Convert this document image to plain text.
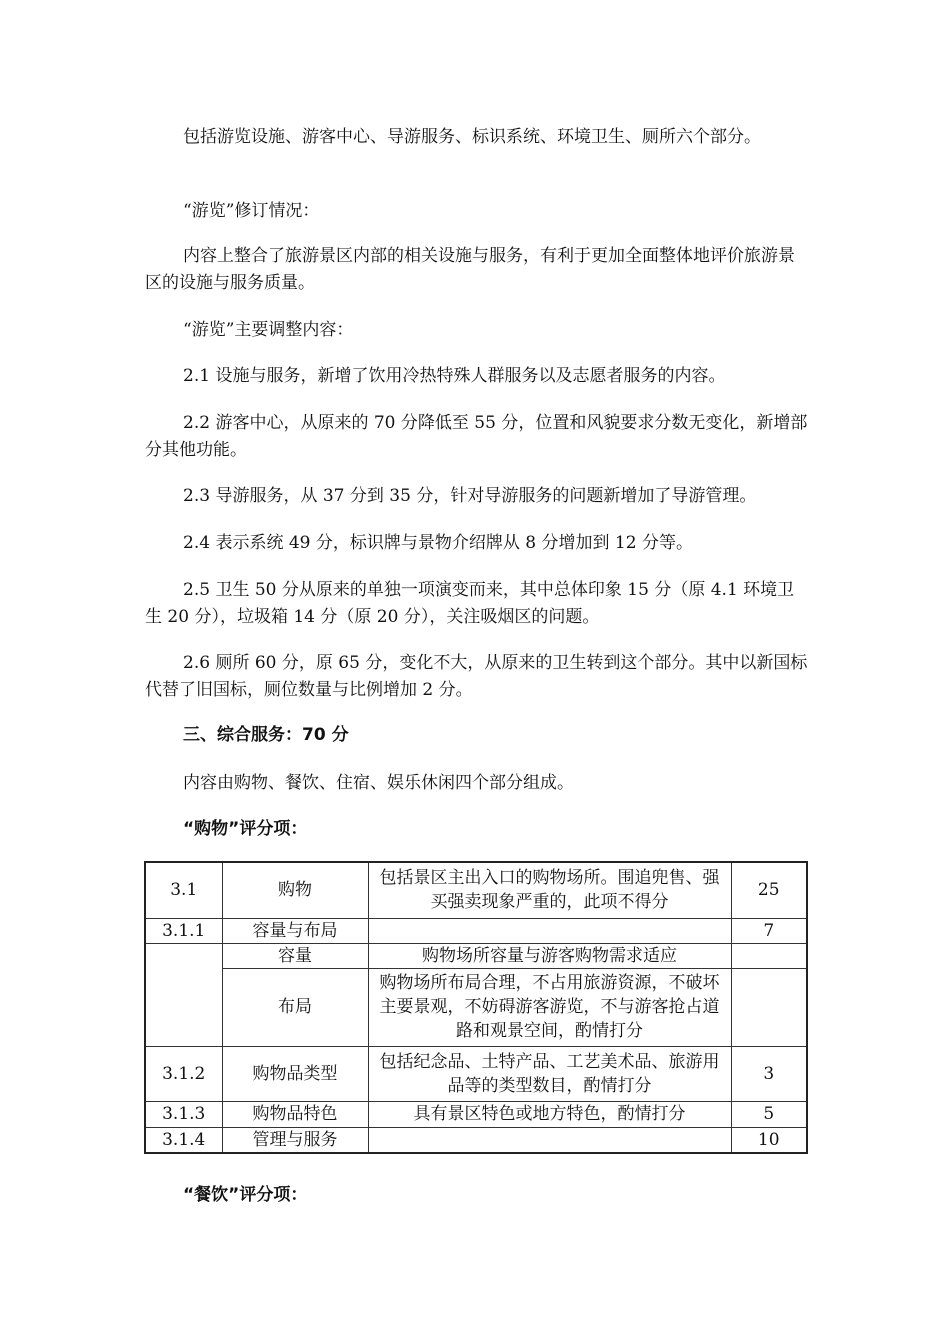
包括游览设施、游客中心、导游服务、标识系统、环境卫生、厕所六个部分。

“游览”修订情况：

内容上整合了旅游景区内部的相关设施与服务，有利于更加全面整体地评价旅游景区的设施与服务质量。

“游览”主要调整内容：

2.1 设施与服务，新增了饮用冷热特殊人群服务以及志愿者服务的内容。

2.2 游客中心，从原来的 70 分降低至 55 分，位置和风貌要求分数无变化，新增部分其他功能。

2.3 导游服务，从 37 分到 35 分，针对导游服务的问题新增加了导游管理。

2.4 表示系统 49 分，标识牌与景物介绍牌从 8 分增加到 12 分等。

2.5 卫生 50 分从原来的单独一项演变而来，其中总体印象 15 分（原 4.1 环境卫生 20 分），垃圾箱 14 分（原 20 分），关注吸烟区的问题。

2.6 厕所 60 分，原 65 分，变化不大，从原来的卫生转到这个部分。其中以新国标代替了旧国标，厕位数量与比例增加 2 分。

三、综合服务：70 分

内容由购物、餐饮、住宿、娱乐休闲四个部分组成。

“购物”评分项：

3.1	购物	包括景区主出入口的购物场所。围追兜售、强买强卖现象严重的，此项不得分	25
3.1.1	容量与布局		7
	容量	购物场所容量与游客购物需求适应	
	布局	购物场所布局合理，不占用旅游资源，不破坏主要景观，不妨碍游客游览，不与游客抢占道路和观景空间，酌情打分	
3.1.2	购物品类型	包括纪念品、土特产品、工艺美术品、旅游用品等的类型数目，酌情打分	3
3.1.3	购物品特色	具有景区特色或地方特色，酌情打分	5
3.1.4	管理与服务		10

“餐饮”评分项：
